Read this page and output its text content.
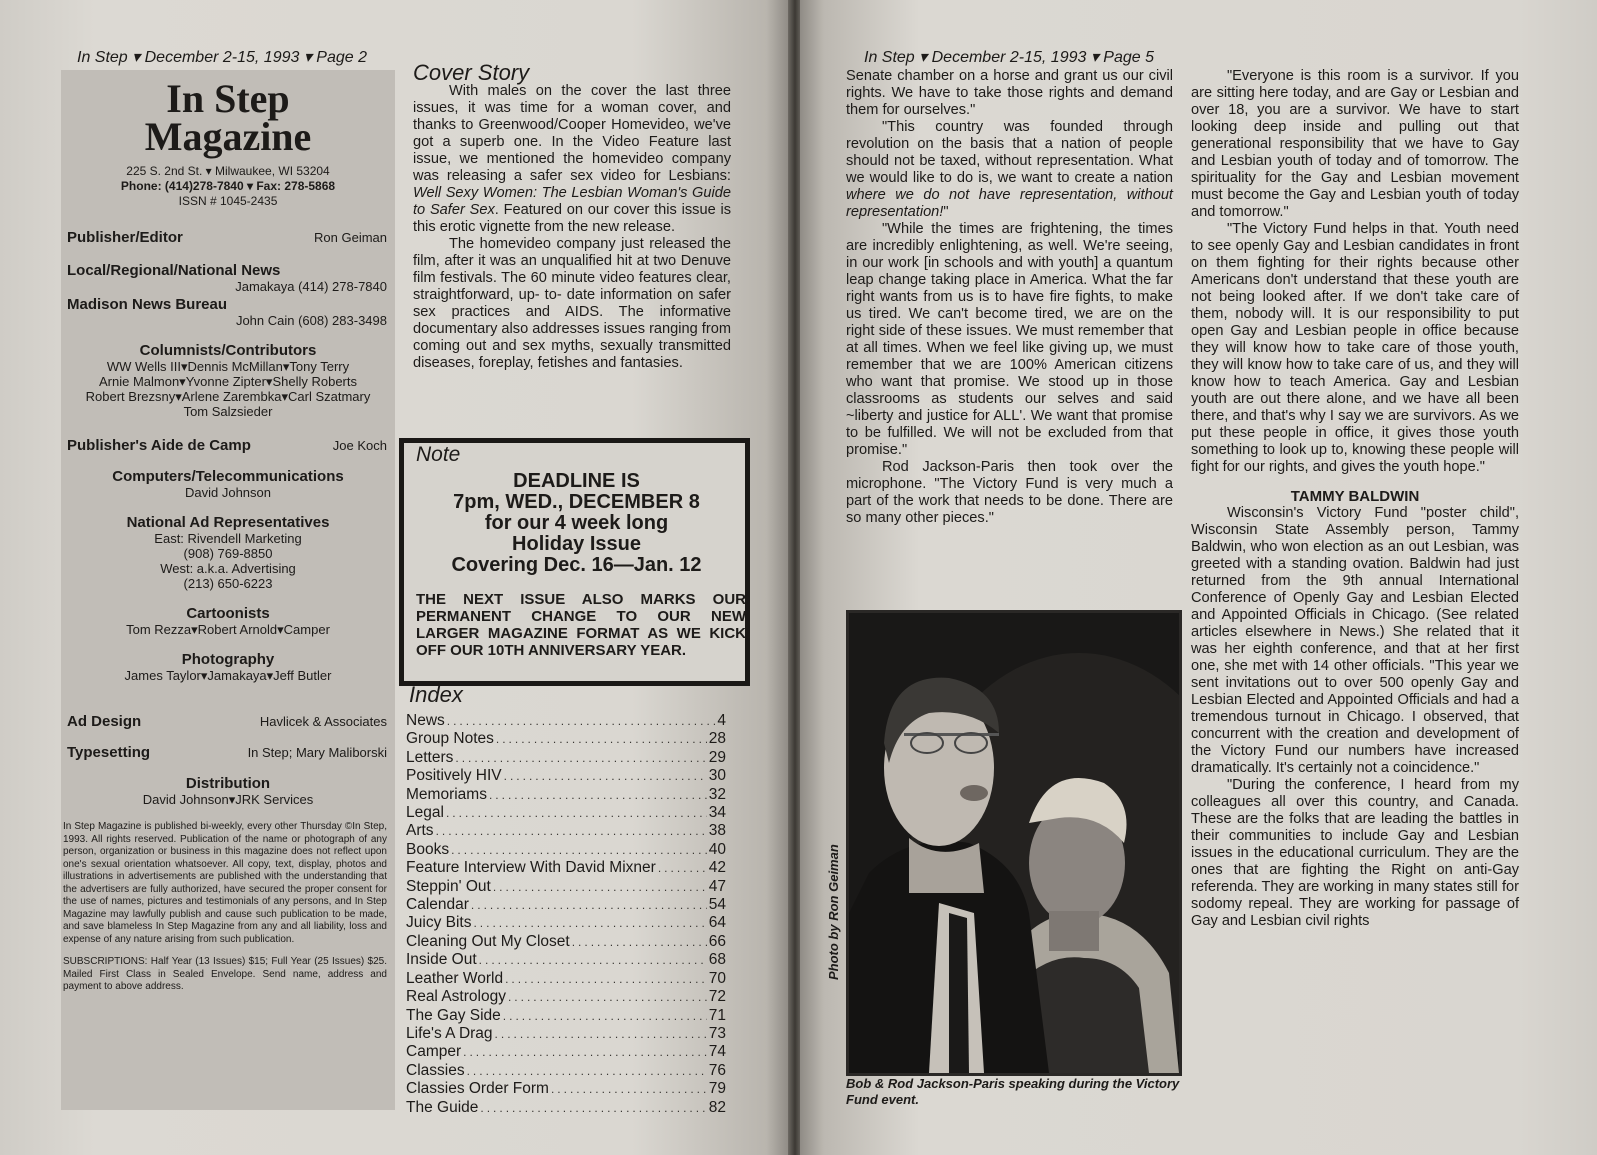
In Step ▾ December 2-15, 1993 ▾ Page 2
In Step
Magazine
225 S. 2nd St. ▾ Milwaukee, WI 53204
Phone: (414)278-7840 ▾ Fax: 278-5868
ISSN # 1045-2435
Publisher/Editor	Ron Geiman
Local/Regional/National News
Jamakaya (414) 278-7840
Madison News Bureau
John Cain (608) 283-3498
Columnists/Contributors
WW Wells III▾Dennis McMillan▾Tony Terry
Arnie Malmon▾Yvonne Zipter▾Shelly Roberts
Robert Brezsny▾Arlene Zarembka▾Carl Szatmary
Tom Salzsieder
Publisher's Aide de Camp	Joe Koch
Computers/Telecommunications
David Johnson
National Ad Representatives
East: Rivendell Marketing
(908) 769-8850
West: a.k.a. Advertising
(213) 650-6223
Cartoonists
Tom Rezza▾Robert Arnold▾Camper
Photography
James Taylor▾Jamakaya▾Jeff Butler
Ad Design	Havlicek & Associates
Typesetting	In Step; Mary Maliborski
Distribution
David Johnson▾JRK Services
In Step Magazine is published bi-weekly, every other Thursday ©In Step, 1993. All rights reserved. Publication of the name or photograph of any person, organization or business in this magazine does not reflect upon one's sexual orientation whatsoever. All copy, text, display, photos and illustrations in advertisements are published with the understanding that the advertisers are fully authorized, have secured the proper consent for the use of names, pictures and testimonials of any persons, and In Step Magazine may lawfully publish and cause such publication to be made, and save blameless In Step Magazine from any and all liability, loss and expense of any nature arising from such publication.
SUBSCRIPTIONS: Half Year (13 Issues) $15; Full Year (25 Issues) $25. Mailed First Class in Sealed Envelope. Send name, address and payment to above address.
Cover Story

With males on the cover the last three issues, it was time for a woman cover, and thanks to Greenwood/Cooper Homevideo, we've got a superb one. In the Video Feature last issue, we mentioned the homevideo company was releasing a safer sex video for Lesbians: Well Sexy Women: The Lesbian Woman's Guide to Safer Sex. Featured on our cover this issue is this erotic vignette from the new release.

The homevideo company just released the film, after it was an unqualified hit at two Denuve film festivals. The 60 minute video features clear, straightforward, up- to- date information on safer sex practices and AIDS. The informative documentary also addresses issues ranging from coming out and sex myths, sexually transmitted diseases, foreplay, fetishes and fantasies.

Note
DEADLINE IS
7pm, WED., DECEMBER 8
for our 4 week long
Holiday Issue
Covering Dec. 16—Jan. 12
THE NEXT ISSUE ALSO MARKS OUR PERMANENT CHANGE TO OUR NEW LARGER MAGAZINE FORMAT AS WE KICK OFF OUR 10TH ANNIVERSARY YEAR.
Index
News .....	4
Group Notes .....	28
Letters .....	29
Positively HIV .....	30
Memoriams .....	32
Legal .....	34
Arts .....	38
Books .....	40
Feature Interview With David Mixner .....	42
Steppin' Out .....	47
Calendar .....	54
Juicy Bits .....	64
Cleaning Out My Closet .....	66
Inside Out .....	68
Leather World .....	70
Real Astrology .....	72
The Gay Side .....	71
Life's A Drag .....	73
Camper .....	74
Classies .....	76
Classies Order Form .....	79
The Guide .....	82
In Step ▾ December 2-15, 1993 ▾ Page 5

Senate chamber on a horse and grant us our civil rights. We have to take those rights and demand them for ourselves."

"This country was founded through revolution on the basis that a nation of people should not be taxed, without representation. What we would like to do is, we want to create a nation where we do not have representation, without representation!"

"While the times are frightening, the times are incredibly enlightening, as well. We're seeing, in our work [in schools and with youth] a quantum leap change taking place in America. What the far right wants from us is to have fire fights, to make us tired. We can't become tired, we are on the right side of these issues. We must remember that at all times. When we feel like giving up, we must remember that we are 100% American citizens who want that promise. We stood up in those classrooms as students our selves and said ~liberty and justice for ALL'. We want that promise to be fulfilled. We will not be excluded from that promise."

Rod Jackson-Paris then took over the microphone. "The Victory Fund is very much a part of the work that needs to be done. There are so many other pieces."

Photo by Ron Geiman
Bob & Rod Jackson-Paris speaking during the Victory Fund event.

"Everyone is this room is a survivor. If you are sitting here today, and are Gay or Lesbian and over 18, you are a survivor. We have to start looking deep inside and pulling out that generational responsibility that we have to Gay and Lesbian youth of today and of tomorrow. The spirituality for the Gay and Lesbian movement must become the Gay and Lesbian youth of today and tomorrow."

"The Victory Fund helps in that. Youth need to see openly Gay and Lesbian candidates in front on them fighting for their rights because other Americans don't understand that these youth are not being looked after. If we don't take care of them, nobody will. It is our responsibility to put open Gay and Lesbian people in office because they will know how to take care of those youth, they will know how to take care of us, and they will know how to teach America. Gay and Lesbian youth are out there alone, and we have all been there, and that's why I say we are survivors. As we put these people in office, it gives those youth something to look up to, knowing these people will fight for our rights, and gives the youth hope."

TAMMY BALDWIN

Wisconsin's Victory Fund "poster child", Wisconsin State Assembly person, Tammy Baldwin, who won election as an out Lesbian, was greeted with a standing ovation. Baldwin had just returned from the 9th annual International Conference of Openly Gay and Lesbian Elected and Appointed Officials in Chicago. (See related articles elsewhere in News.) She related that it was her eighth conference, and that at her first one, she met with 14 other officials. "This year we sent invitations out to over 500 openly Gay and Lesbian Elected and Appointed Officials and had a tremendous turnout in Chicago. I observed, that concurrent with the creation and development of the Victory Fund our numbers have increased dramatically. It's certainly not a coincidence."

"During the conference, I heard from my colleagues all over this country, and Canada. These are the folks that are leading the battles in their communities to include Gay and Lesbian issues in the educational curriculum. They are the ones that are fighting the Right on anti-Gay referenda. They are working in many states still for sodomy repeal. They are working for passage of Gay and Lesbian civil rights
